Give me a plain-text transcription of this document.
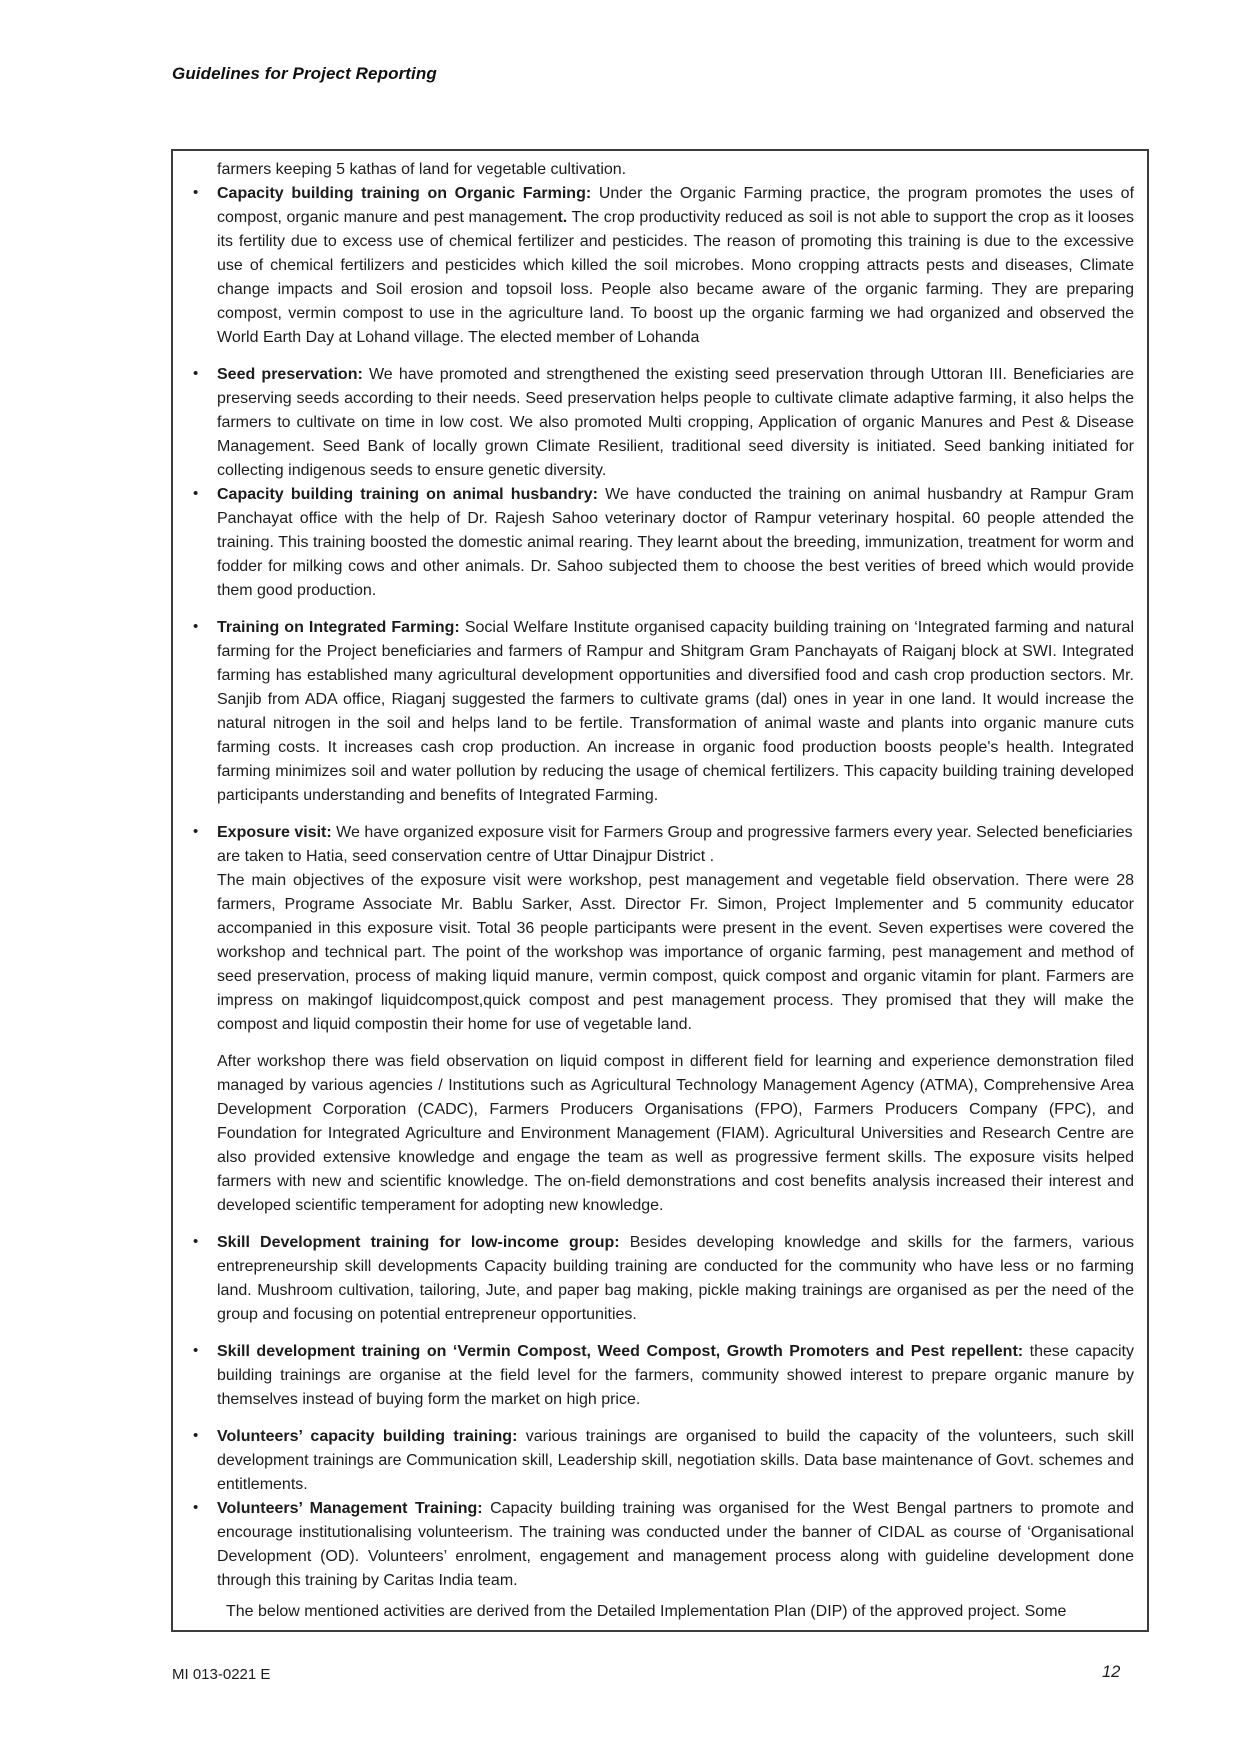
Guidelines for Project Reporting
farmers keeping 5 kathas of land for vegetable cultivation.
• Capacity building training on Organic Farming: Under the Organic Farming practice, the program promotes the uses of compost, organic manure and pest management. The crop productivity reduced as soil is not able to support the crop as it looses its fertility due to excess use of chemical fertilizer and pesticides. The reason of promoting this training is due to the excessive use of chemical fertilizers and pesticides which killed the soil microbes. Mono cropping attracts pests and diseases, Climate change impacts and Soil erosion and topsoil loss. People also became aware of the organic farming. They are preparing compost, vermin compost to use in the agriculture land. To boost up the organic farming we had organized and observed the World Earth Day at Lohand village. The elected member of Lohanda
• Seed preservation: We have promoted and strengthened the existing seed preservation through Uttoran III. Beneficiaries are preserving seeds according to their needs. Seed preservation helps people to cultivate climate adaptive farming, it also helps the farmers to cultivate on time in low cost. We also promoted Multi cropping, Application of organic Manures and Pest & Disease Management. Seed Bank of locally grown Climate Resilient, traditional seed diversity is initiated. Seed banking initiated for collecting indigenous seeds to ensure genetic diversity.
• Capacity building training on animal husbandry: We have conducted the training on animal husbandry at Rampur Gram Panchayat office with the help of Dr. Rajesh Sahoo veterinary doctor of Rampur veterinary hospital. 60 people attended the training. This training boosted the domestic animal rearing. They learnt about the breeding, immunization, treatment for worm and fodder for milking cows and other animals. Dr. Sahoo subjected them to choose the best verities of breed which would provide them good production.
• Training on Integrated Farming: Social Welfare Institute organised capacity building training on ‘Integrated farming and natural farming for the Project beneficiaries and farmers of Rampur and Shitgram Gram Panchayats of Raiganj block at SWI. Integrated farming has established many agricultural development opportunities and diversified food and cash crop production sectors. Mr. Sanjib from ADA office, Riaganj suggested the farmers to cultivate grams (dal) ones in year in one land. It would increase the natural nitrogen in the soil and helps land to be fertile. Transformation of animal waste and plants into organic manure cuts farming costs. It increases cash crop production. An increase in organic food production boosts people's health. Integrated farming minimizes soil and water pollution by reducing the usage of chemical fertilizers. This capacity building training developed participants understanding and benefits of Integrated Farming.
• Exposure visit: We have organized exposure visit for Farmers Group and progressive farmers every year. Selected beneficiaries are taken to Hatia, seed conservation centre of Uttar Dinajpur District .
The main objectives of the exposure visit were workshop, pest management and vegetable field observation. There were 28 farmers, Programe Associate Mr. Bablu Sarker, Asst. Director Fr. Simon, Project Implementer and 5 community educator accompanied in this exposure visit. Total 36 people participants were present in the event. Seven expertises were covered the workshop and technical part. The point of the workshop was importance of organic farming, pest management and method of seed preservation, process of making liquid manure, vermin compost, quick compost and organic vitamin for plant. Farmers are impress on makingof liquidcompost,quick compost and pest management process. They promised that they will make the compost and liquid compostin their home for use of vegetable land.
After workshop there was field observation on liquid compost in different field for learning and experience demonstration filed managed by various agencies / Institutions such as Agricultural Technology Management Agency (ATMA), Comprehensive Area Development Corporation (CADC), Farmers Producers Organisations (FPO), Farmers Producers Company (FPC), and Foundation for Integrated Agriculture and Environment Management (FIAM). Agricultural Universities and Research Centre are also provided extensive knowledge and engage the team as well as progressive ferment skills. The exposure visits helped farmers with new and scientific knowledge. The on-field demonstrations and cost benefits analysis increased their interest and developed scientific temperament for adopting new knowledge.
• Skill Development training for low-income group: Besides developing knowledge and skills for the farmers, various entrepreneurship skill developments Capacity building training are conducted for the community who have less or no farming land. Mushroom cultivation, tailoring, Jute, and paper bag making, pickle making trainings are organised as per the need of the group and focusing on potential entrepreneur opportunities.
• Skill development training on ‘Vermin Compost, Weed Compost, Growth Promoters and Pest repellent: these capacity building trainings are organise at the field level for the farmers, community showed interest to prepare organic manure by themselves instead of buying form the market on high price.
• Volunteers’ capacity building training: various trainings are organised to build the capacity of the volunteers, such skill development trainings are Communication skill, Leadership skill, negotiation skills. Data base maintenance of Govt. schemes and entitlements.
• Volunteers’ Management Training: Capacity building training was organised for the West Bengal partners to promote and encourage institutionalising volunteerism. The training was conducted under the banner of CIDAL as course of ‘Organisational Development (OD). Volunteers’ enrolment, engagement and management process along with guideline development done through this training by Caritas India team.
The below mentioned activities are derived from the Detailed Implementation Plan (DIP) of the approved project. Some
MI 013-0221 E	12
